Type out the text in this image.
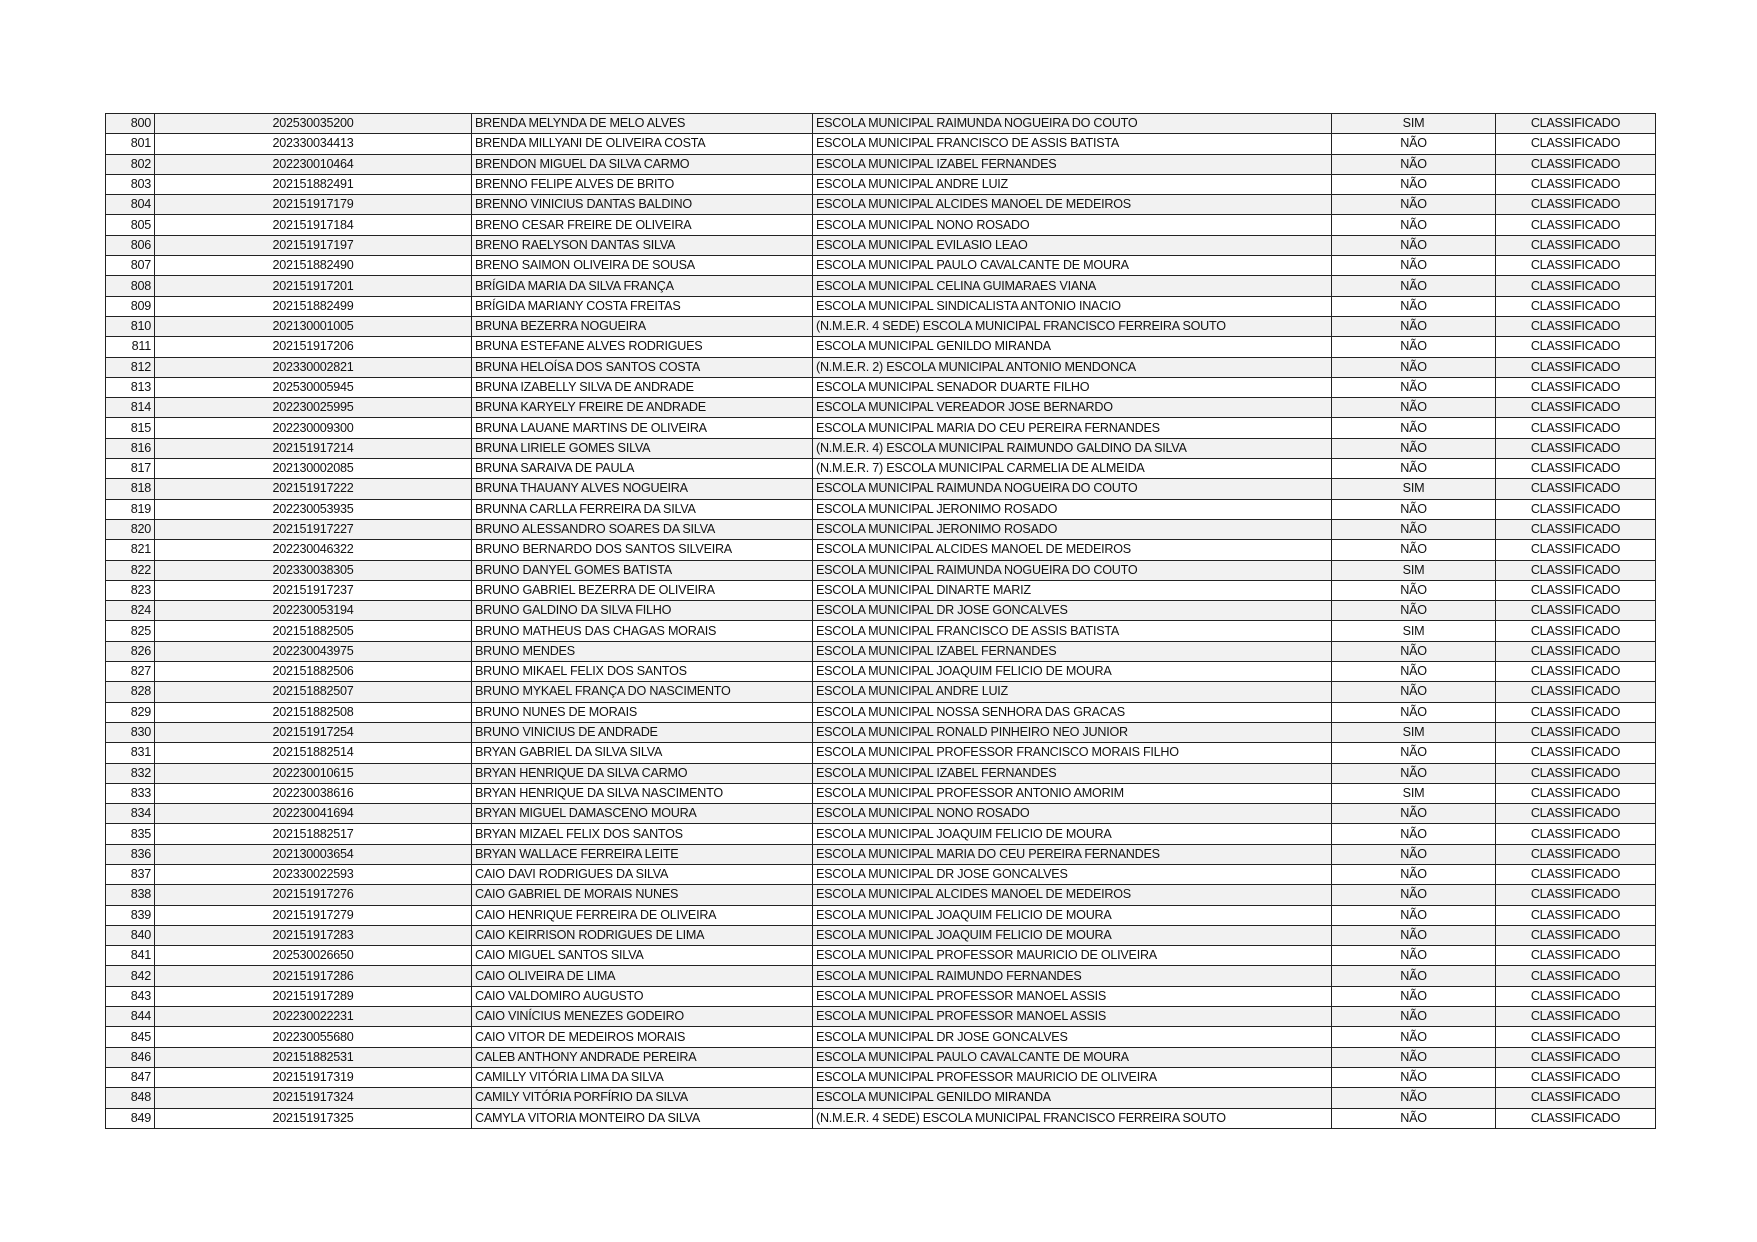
800	202530035200	BRENDA MELYNDA DE MELO ALVES	ESCOLA MUNICIPAL RAIMUNDA NOGUEIRA DO COUTO	SIM	CLASSIFICADO
801	202330034413	BRENDA MILLYANI DE OLIVEIRA COSTA	ESCOLA MUNICIPAL FRANCISCO DE ASSIS BATISTA	NÃO	CLASSIFICADO
802	202230010464	BRENDON MIGUEL DA SILVA CARMO	ESCOLA MUNICIPAL IZABEL FERNANDES	NÃO	CLASSIFICADO
803	202151882491	BRENNO FELIPE ALVES DE BRITO	ESCOLA MUNICIPAL ANDRE LUIZ	NÃO	CLASSIFICADO
804	202151917179	BRENNO VINICIUS DANTAS BALDINO	ESCOLA MUNICIPAL ALCIDES MANOEL DE MEDEIROS	NÃO	CLASSIFICADO
805	202151917184	BRENO CESAR FREIRE DE OLIVEIRA	ESCOLA MUNICIPAL NONO ROSADO	NÃO	CLASSIFICADO
806	202151917197	BRENO RAELYSON DANTAS SILVA	ESCOLA MUNICIPAL EVILASIO LEAO	NÃO	CLASSIFICADO
807	202151882490	BRENO SAIMON OLIVEIRA DE SOUSA	ESCOLA MUNICIPAL PAULO CAVALCANTE DE MOURA	NÃO	CLASSIFICADO
808	202151917201	BRÍGIDA MARIA DA SILVA FRANÇA	ESCOLA MUNICIPAL CELINA GUIMARAES VIANA	NÃO	CLASSIFICADO
809	202151882499	BRÍGIDA MARIANY COSTA FREITAS	ESCOLA MUNICIPAL SINDICALISTA ANTONIO INACIO	NÃO	CLASSIFICADO
810	202130001005	BRUNA BEZERRA NOGUEIRA	(N.M.E.R. 4 SEDE) ESCOLA MUNICIPAL FRANCISCO FERREIRA SOUTO	NÃO	CLASSIFICADO
811	202151917206	BRUNA ESTEFANE ALVES RODRIGUES	ESCOLA MUNICIPAL GENILDO MIRANDA	NÃO	CLASSIFICADO
812	202330002821	BRUNA HELOÍSA DOS SANTOS COSTA	(N.M.E.R. 2) ESCOLA MUNICIPAL ANTONIO MENDONCA	NÃO	CLASSIFICADO
813	202530005945	BRUNA IZABELLY SILVA DE ANDRADE	ESCOLA MUNICIPAL SENADOR DUARTE FILHO	NÃO	CLASSIFICADO
814	202230025995	BRUNA KARYELY FREIRE DE ANDRADE	ESCOLA MUNICIPAL VEREADOR JOSE BERNARDO	NÃO	CLASSIFICADO
815	202230009300	BRUNA LAUANE MARTINS DE OLIVEIRA	ESCOLA MUNICIPAL MARIA DO CEU PEREIRA FERNANDES	NÃO	CLASSIFICADO
816	202151917214	BRUNA LIRIELE GOMES SILVA	(N.M.E.R. 4) ESCOLA MUNICIPAL RAIMUNDO GALDINO DA SILVA	NÃO	CLASSIFICADO
817	202130002085	BRUNA SARAIVA DE PAULA	(N.M.E.R. 7) ESCOLA MUNICIPAL CARMELIA DE ALMEIDA	NÃO	CLASSIFICADO
818	202151917222	BRUNA THAUANY ALVES NOGUEIRA	ESCOLA MUNICIPAL RAIMUNDA NOGUEIRA DO COUTO	SIM	CLASSIFICADO
819	202230053935	BRUNNA CARLLA FERREIRA DA SILVA	ESCOLA MUNICIPAL JERONIMO ROSADO	NÃO	CLASSIFICADO
820	202151917227	BRUNO ALESSANDRO SOARES DA SILVA	ESCOLA MUNICIPAL JERONIMO ROSADO	NÃO	CLASSIFICADO
821	202230046322	BRUNO BERNARDO DOS SANTOS SILVEIRA	ESCOLA MUNICIPAL ALCIDES MANOEL DE MEDEIROS	NÃO	CLASSIFICADO
822	202330038305	BRUNO DANYEL GOMES BATISTA	ESCOLA MUNICIPAL RAIMUNDA NOGUEIRA DO COUTO	SIM	CLASSIFICADO
823	202151917237	BRUNO GABRIEL BEZERRA DE OLIVEIRA	ESCOLA MUNICIPAL DINARTE MARIZ	NÃO	CLASSIFICADO
824	202230053194	BRUNO GALDINO DA SILVA FILHO	ESCOLA MUNICIPAL DR JOSE GONCALVES	NÃO	CLASSIFICADO
825	202151882505	BRUNO MATHEUS DAS CHAGAS MORAIS	ESCOLA MUNICIPAL FRANCISCO DE ASSIS BATISTA	SIM	CLASSIFICADO
826	202230043975	BRUNO MENDES	ESCOLA MUNICIPAL IZABEL FERNANDES	NÃO	CLASSIFICADO
827	202151882506	BRUNO MIKAEL FELIX DOS SANTOS	ESCOLA MUNICIPAL JOAQUIM FELICIO DE MOURA	NÃO	CLASSIFICADO
828	202151882507	BRUNO MYKAEL FRANÇA DO NASCIMENTO	ESCOLA MUNICIPAL ANDRE LUIZ	NÃO	CLASSIFICADO
829	202151882508	BRUNO NUNES DE MORAIS	ESCOLA MUNICIPAL NOSSA SENHORA DAS GRACAS	NÃO	CLASSIFICADO
830	202151917254	BRUNO VINICIUS DE ANDRADE	ESCOLA MUNICIPAL RONALD PINHEIRO NEO JUNIOR	SIM	CLASSIFICADO
831	202151882514	BRYAN GABRIEL DA SILVA SILVA	ESCOLA MUNICIPAL PROFESSOR FRANCISCO MORAIS FILHO	NÃO	CLASSIFICADO
832	202230010615	BRYAN HENRIQUE DA SILVA CARMO	ESCOLA MUNICIPAL IZABEL FERNANDES	NÃO	CLASSIFICADO
833	202230038616	BRYAN HENRIQUE DA SILVA NASCIMENTO	ESCOLA MUNICIPAL PROFESSOR ANTONIO AMORIM	SIM	CLASSIFICADO
834	202230041694	BRYAN MIGUEL DAMASCENO MOURA	ESCOLA MUNICIPAL NONO ROSADO	NÃO	CLASSIFICADO
835	202151882517	BRYAN MIZAEL FELIX DOS SANTOS	ESCOLA MUNICIPAL JOAQUIM FELICIO DE MOURA	NÃO	CLASSIFICADO
836	202130003654	BRYAN WALLACE FERREIRA LEITE	ESCOLA MUNICIPAL MARIA DO CEU PEREIRA FERNANDES	NÃO	CLASSIFICADO
837	202330022593	CAIO DAVI RODRIGUES DA SILVA	ESCOLA MUNICIPAL DR JOSE GONCALVES	NÃO	CLASSIFICADO
838	202151917276	CAIO GABRIEL DE MORAIS NUNES	ESCOLA MUNICIPAL ALCIDES MANOEL DE MEDEIROS	NÃO	CLASSIFICADO
839	202151917279	CAIO HENRIQUE FERREIRA DE OLIVEIRA	ESCOLA MUNICIPAL JOAQUIM FELICIO DE MOURA	NÃO	CLASSIFICADO
840	202151917283	CAIO KEIRRISON RODRIGUES DE LIMA	ESCOLA MUNICIPAL JOAQUIM FELICIO DE MOURA	NÃO	CLASSIFICADO
841	202530026650	CAIO MIGUEL SANTOS SILVA	ESCOLA MUNICIPAL PROFESSOR MAURICIO DE OLIVEIRA	NÃO	CLASSIFICADO
842	202151917286	CAIO OLIVEIRA DE LIMA	ESCOLA MUNICIPAL RAIMUNDO FERNANDES	NÃO	CLASSIFICADO
843	202151917289	CAIO VALDOMIRO AUGUSTO	ESCOLA MUNICIPAL PROFESSOR MANOEL ASSIS	NÃO	CLASSIFICADO
844	202230022231	CAIO VINÍCIUS MENEZES GODEIRO	ESCOLA MUNICIPAL PROFESSOR MANOEL ASSIS	NÃO	CLASSIFICADO
845	202230055680	CAIO VITOR DE MEDEIROS MORAIS	ESCOLA MUNICIPAL DR JOSE GONCALVES	NÃO	CLASSIFICADO
846	202151882531	CALEB ANTHONY ANDRADE PEREIRA	ESCOLA MUNICIPAL PAULO CAVALCANTE DE MOURA	NÃO	CLASSIFICADO
847	202151917319	CAMILLY VITÓRIA LIMA DA SILVA	ESCOLA MUNICIPAL PROFESSOR MAURICIO DE OLIVEIRA	NÃO	CLASSIFICADO
848	202151917324	CAMILY VITÓRIA PORFÍRIO DA SILVA	ESCOLA MUNICIPAL GENILDO MIRANDA	NÃO	CLASSIFICADO
849	202151917325	CAMYLA VITORIA MONTEIRO DA SILVA	(N.M.E.R. 4 SEDE) ESCOLA MUNICIPAL FRANCISCO FERREIRA SOUTO	NÃO	CLASSIFICADO
